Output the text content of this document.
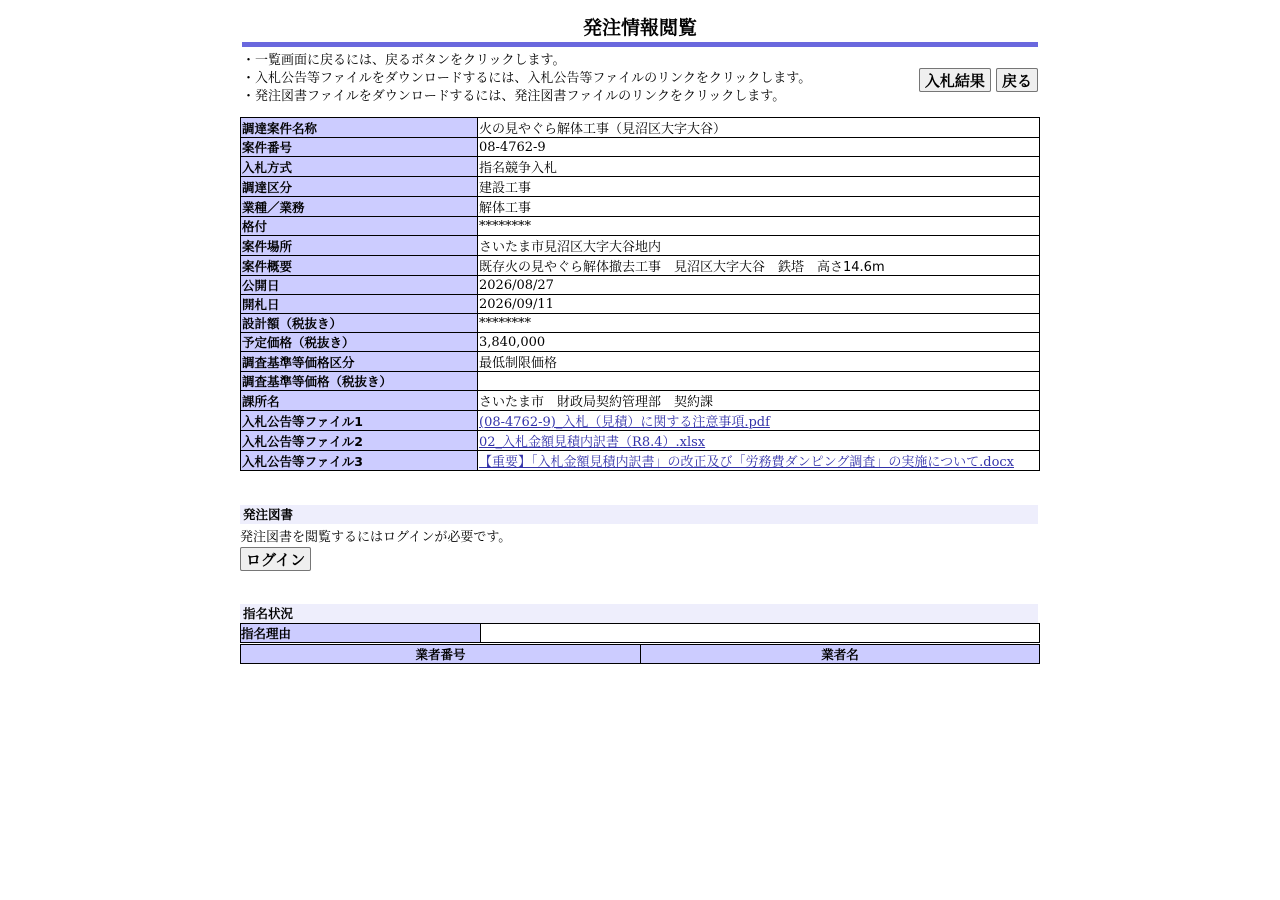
発注情報閲覧
・一覧画面に戻るには、戻るボタンをクリックします。
・入札公告等ファイルをダウンロードするには、入札公告等ファイルのリンクをクリックします。
・発注図書ファイルをダウンロードするには、発注図書ファイルのリンクをクリックします。
入札結果 戻る
調達案件名称	火の見やぐら解体工事（見沼区大字大谷）
案件番号	08-4762-9
入札方式	指名競争入札
調達区分	建設工事
業種／業務	解体工事
格付	********
案件場所	さいたま市見沼区大字大谷地内
案件概要	既存火の見やぐら解体撤去工事　見沼区大字大谷　鉄塔　高さ14.6m
公開日	2026/08/27
開札日	2026/09/11
設計額（税抜き）	********
予定価格（税抜き）	3,840,000
調査基準等価格区分	最低制限価格
調査基準等価格（税抜き）	
課所名	さいたま市　財政局契約管理部　契約課
入札公告等ファイル1	(08-4762-9)_入札（見積）に関する注意事項.pdf
入札公告等ファイル2	02_入札金額見積内訳書（R8.4）.xlsx
入札公告等ファイル3	【重要】「入札金額見積内訳書」の改正及び「労務費ダンピング調査」の実施について.docx
発注図書
発注図書を閲覧するにはログインが必要です。
ログイン
指名状況
指名理由	
業者番号	業者名
